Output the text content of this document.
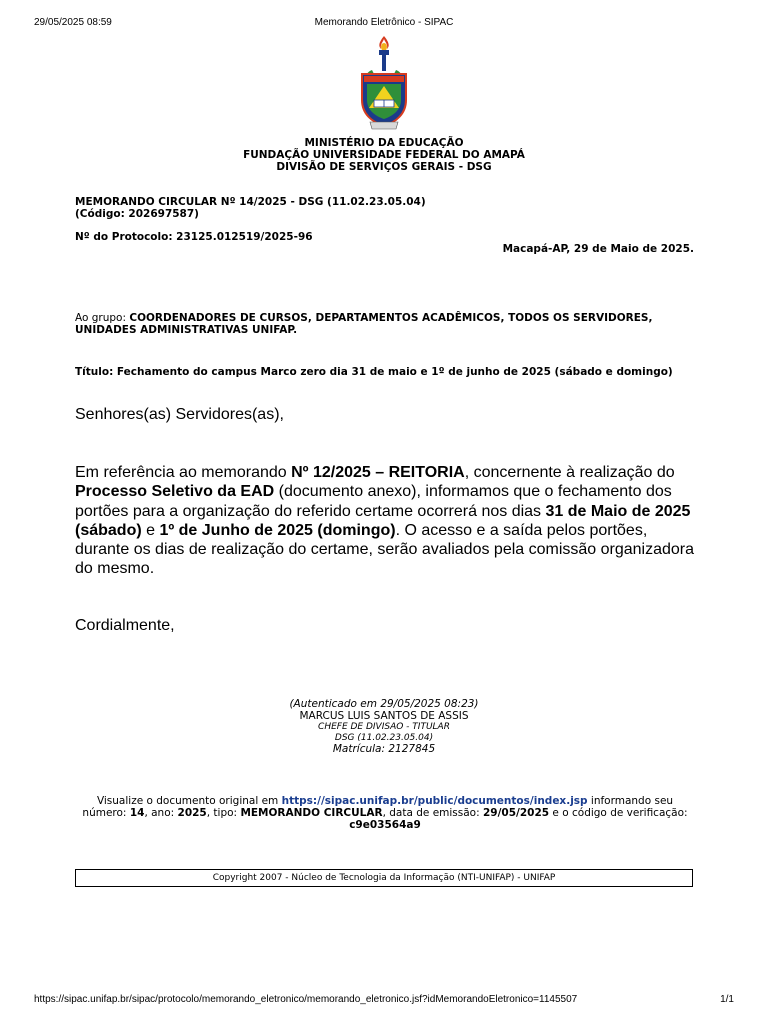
29/05/2025 08:59	Memorando Eletrônico - SIPAC
MINISTÉRIO DA EDUCAÇÃO
FUNDAÇÃO UNIVERSIDADE FEDERAL DO AMAPÁ
DIVISÃO DE SERVIÇOS GERAIS - DSG
MEMORANDO CIRCULAR Nº 14/2025 - DSG (11.02.23.05.04)
(Código: 202697587)
Nº do Protocolo: 23125.012519/2025-96
Macapá-AP, 29 de Maio de 2025.
Ao grupo: COORDENADORES DE CURSOS, DEPARTAMENTOS ACADÊMICOS, TODOS OS SERVIDORES, UNIDADES ADMINISTRATIVAS UNIFAP.
Título: Fechamento do campus Marco zero dia 31 de maio e 1º de junho de 2025 (sábado e domingo)
Senhores(as) Servidores(as),
Em referência ao memorando Nº 12/2025 – REITORIA, concernente à realização do Processo Seletivo da EAD (documento anexo), informamos que o fechamento dos portões para a organização do referido certame ocorrerá nos dias 31 de Maio de 2025 (sábado) e 1º de Junho de 2025 (domingo). O acesso e a saída pelos portões, durante os dias de realização do certame, serão avaliados pela comissão organizadora do mesmo.
Cordialmente,
(Autenticado em 29/05/2025 08:23)
MARCUS LUIS SANTOS DE ASSIS
CHEFE DE DIVISAO - TITULAR
DSG (11.02.23.05.04)
Matrícula: 2127845
Visualize o documento original em https://sipac.unifap.br/public/documentos/index.jsp informando seu número: 14, ano: 2025, tipo: MEMORANDO CIRCULAR, data de emissão: 29/05/2025 e o código de verificação: c9e03564a9
Copyright 2007 - Núcleo de Tecnologia da Informação (NTI-UNIFAP) - UNIFAP
https://sipac.unifap.br/sipac/protocolo/memorando_eletronico/memorando_eletronico.jsf?idMemorandoEletronico=1145507	1/1
